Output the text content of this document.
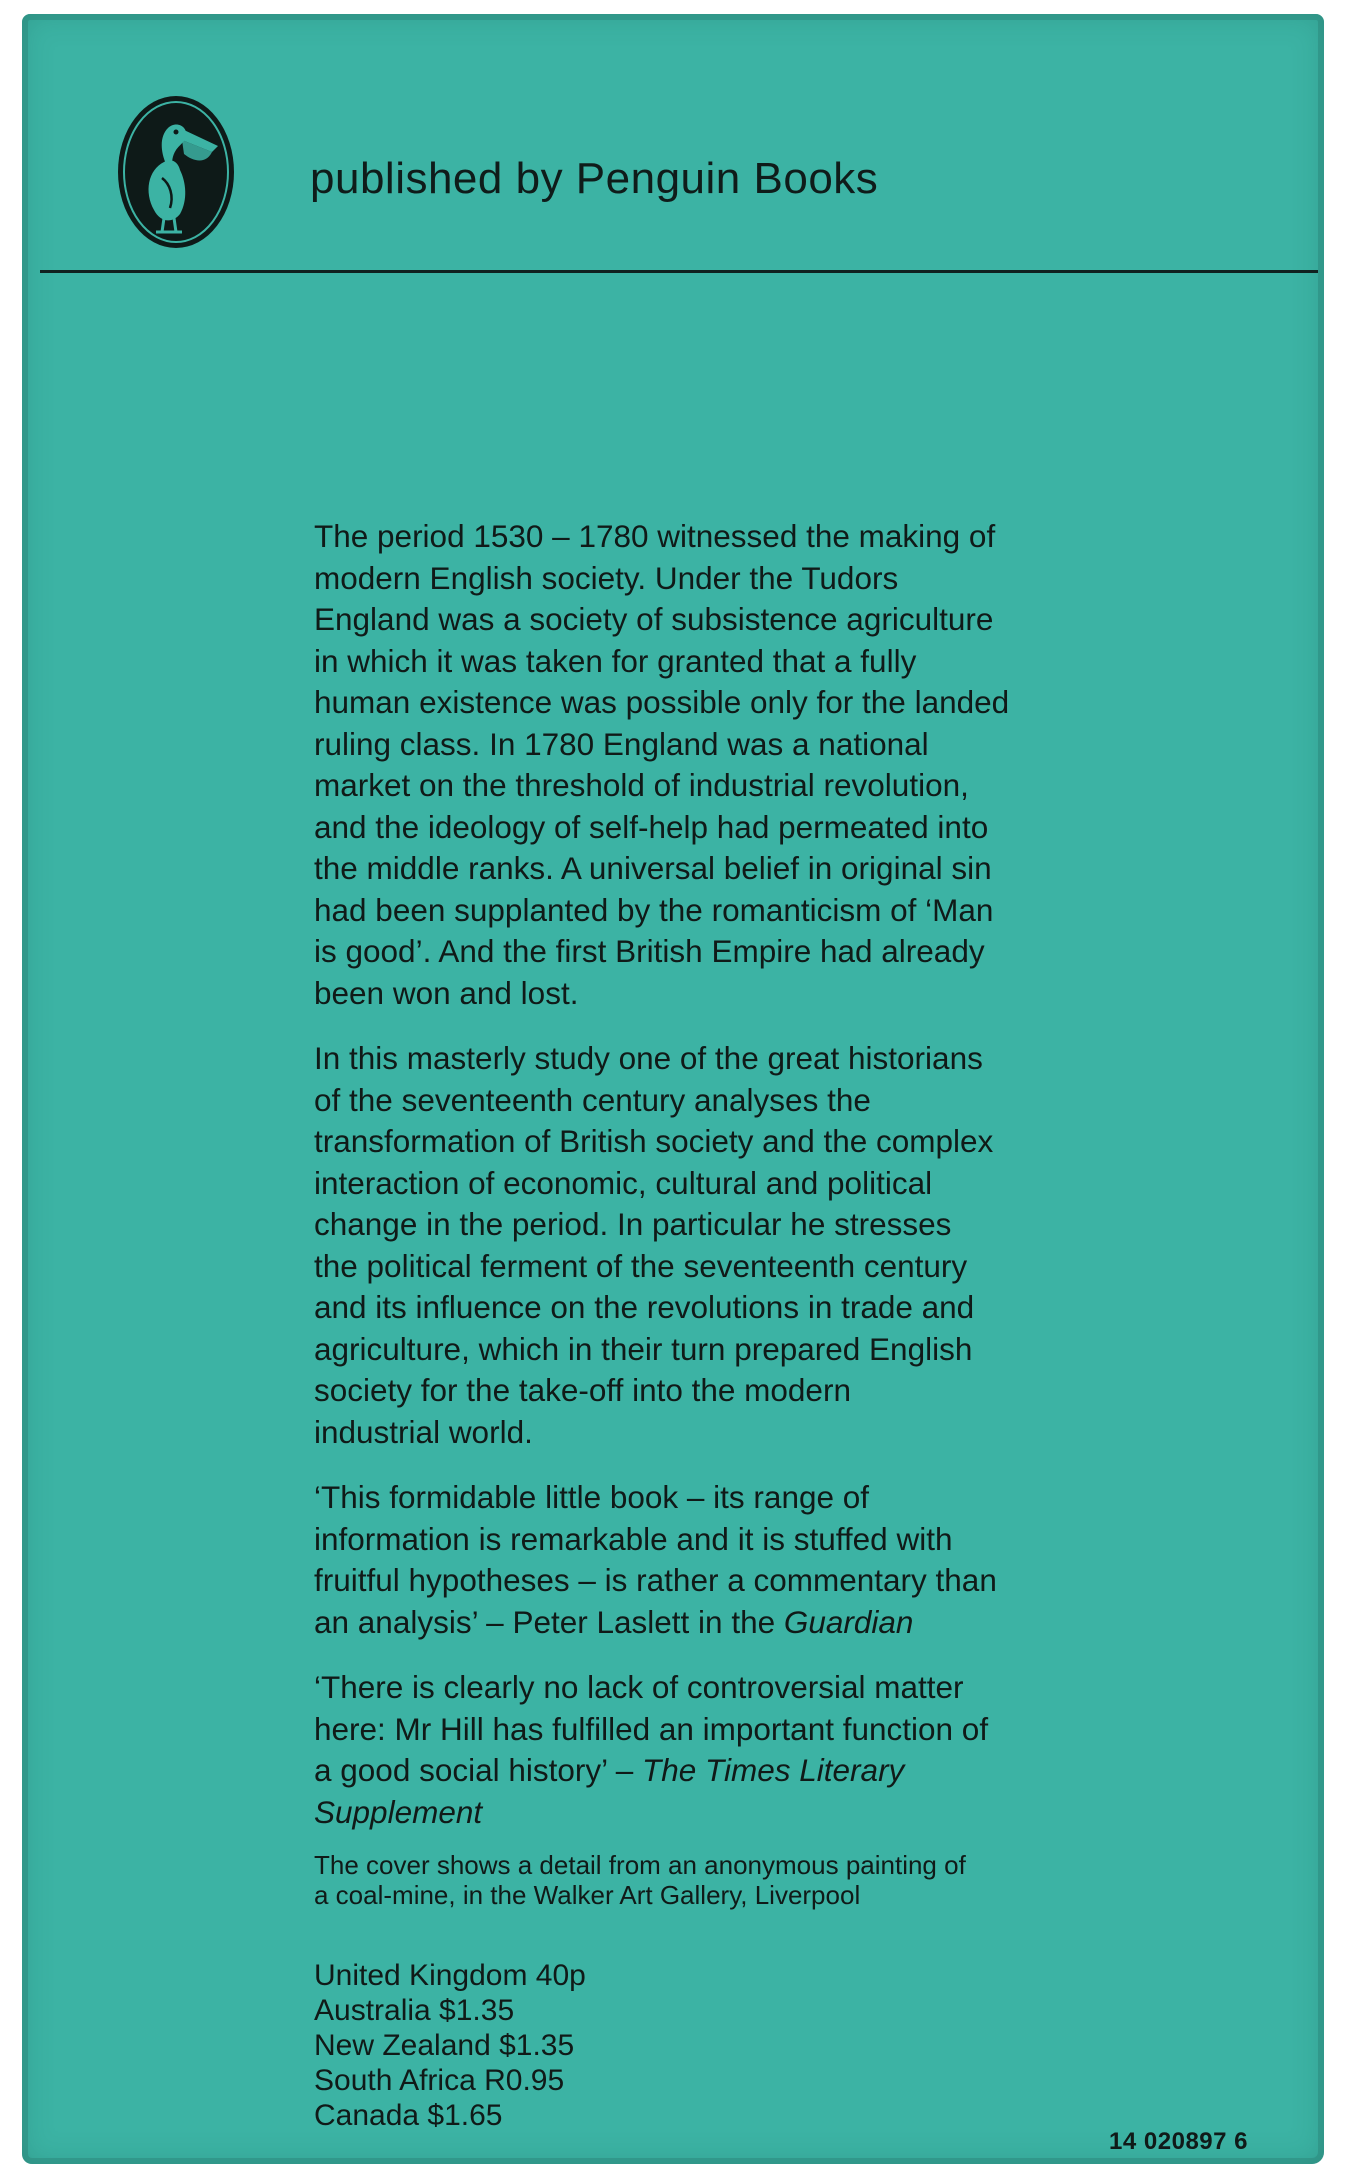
published by Penguin Books

The period 1530 – 1780 witnessed the making of
modern English society. Under the Tudors
England was a society of subsistence agriculture
in which it was taken for granted that a fully
human existence was possible only for the landed
ruling class. In 1780 England was a national
market on the threshold of industrial revolution,
and the ideology of self-help had permeated into
the middle ranks. A universal belief in original sin
had been supplanted by the romanticism of ‘Man
is good’. And the first British Empire had already
been won and lost.

In this masterly study one of the great historians
of the seventeenth century analyses the
transformation of British society and the complex
interaction of economic, cultural and political
change in the period. In particular he stresses
the political ferment of the seventeenth century
and its influence on the revolutions in trade and
agriculture, which in their turn prepared English
society for the take-off into the modern
industrial world.

‘This formidable little book – its range of
information is remarkable and it is stuffed with
fruitful hypotheses – is rather a commentary than
an analysis’ – Peter Laslett in the Guardian

‘There is clearly no lack of controversial matter
here: Mr Hill has fulfilled an important function of
a good social history’ – The Times Literary
Supplement

The cover shows a detail from an anonymous painting of
a coal-mine, in the Walker Art Gallery, Liverpool
United Kingdom 40p
Australia $1.35
New Zealand $1.35
South Africa R0.95
Canada $1.65
14 020897 6
